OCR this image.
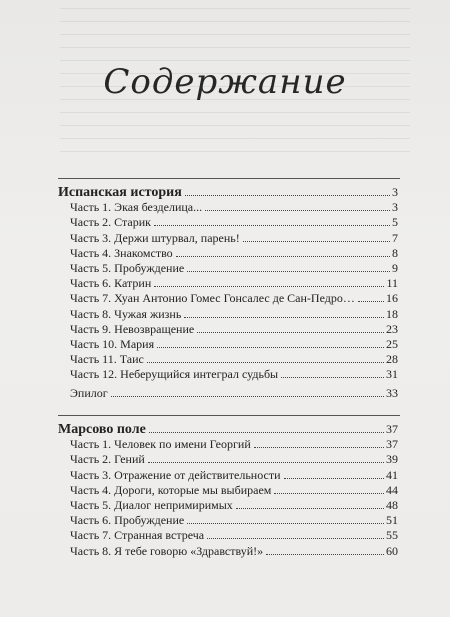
Содержание
Испанская история	3
Часть 1. Экая безделица...	3
Часть 2. Старик	5
Часть 3. Держи штурвал, парень!	7
Часть 4. Знакомство	8
Часть 5. Пробуждение	9
Часть 6. Катрин	11
Часть 7. Хуан Антонио Гомес Гонсалес де Сан-Педро…	16
Часть 8. Чужая жизнь	18
Часть 9. Невозвращение	23
Часть 10. Мария	25
Часть 11. Таис	28
Часть 12. Неберущийся интеграл судьбы	31
Эпилог	33
Марсово поле	37
Часть 1. Человек по имени Георгий	37
Часть 2. Гений	39
Часть 3. Отражение от действительности	41
Часть 4. Дороги, которые мы выбираем	44
Часть 5. Диалог непримиримых	48
Часть 6. Пробуждение	51
Часть 7. Странная встреча	55
Часть 8. Я тебе говорю «Здравствуй!»	60
